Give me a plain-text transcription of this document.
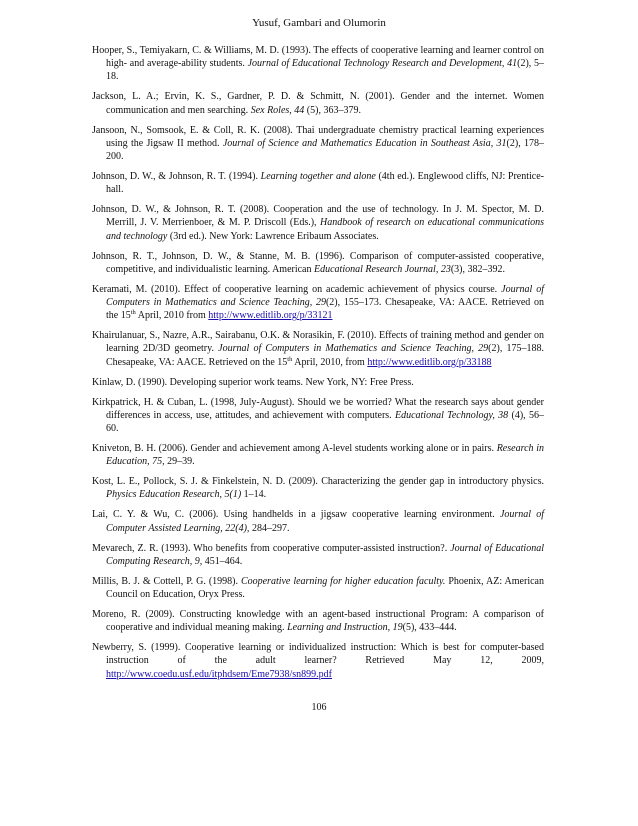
Yusuf, Gambari and Olumorin

Hooper, S., Temiyakarn, C. & Williams, M. D. (1993). The effects of cooperative learning and learner control on high- and average-ability students. Journal of Educational Technology Research and Development, 41(2), 5–18.

Jackson, L. A.; Ervin, K. S., Gardner, P. D. & Schmitt, N. (2001). Gender and the internet. Women communication and men searching. Sex Roles, 44 (5), 363–379.

Jansoon, N., Somsook, E. & Coll, R. K. (2008). Thai undergraduate chemistry practical learning experiences using the Jigsaw II method. Journal of Science and Mathematics Education in Southeast Asia, 31(2), 178–200.

Johnson, D. W., & Johnson, R. T. (1994). Learning together and alone (4th ed.). Englewood cliffs, NJ: Prentice-hall.

Johnson, D. W., & Johnson, R. T. (2008). Cooperation and the use of technology. In J. M. Spector, M. D. Merrill, J. V. Merrienboer, & M. P. Driscoll (Eds.), Handbook of research on educational communications and technology (3rd ed.). New York: Lawrence Eribaum Associates.

Johnson, R. T., Johnson, D. W., & Stanne, M. B. (1996). Comparison of computer-assisted cooperative, competitive, and individualistic learning. American Educational Research Journal, 23(3), 382–392.

Keramati, M. (2010). Effect of cooperative learning on academic achievement of physics course. Journal of Computers in Mathematics and Science Teaching, 29(2), 155–173. Chesapeake, VA: AACE. Retrieved on the 15th April, 2010 from http://www.editlib.org/p/33121

Khairulanuar, S., Nazre, A.R., Sairabanu, O.K. & Norasikin, F. (2010). Effects of training method and gender on learning 2D/3D geometry. Journal of Computers in Mathematics and Science Teaching, 29(2), 175–188. Chesapeake, VA: AACE. Retrieved on the 15th April, 2010, from http://www.editlib.org/p/33188

Kinlaw, D. (1990). Developing superior work teams. New York, NY: Free Press.

Kirkpatrick, H. & Cuban, L. (1998, July-August). Should we be worried? What the research says about gender differences in access, use, attitudes, and achievement with computers. Educational Technology, 38 (4), 56–60.

Kniveton, B. H. (2006). Gender and achievement among A-level students working alone or in pairs. Research in Education, 75, 29–39.

Kost, L. E., Pollock, S. J. & Finkelstein, N. D. (2009). Characterizing the gender gap in introductory physics. Physics Education Research, 5(1) 1–14.

Lai, C. Y. & Wu, C. (2006). Using handhelds in a jigsaw cooperative learning environment. Journal of Computer Assisted Learning, 22(4), 284–297.

Mevarech, Z. R. (1993). Who benefits from cooperative computer-assisted instruction?. Journal of Educational Computing Research, 9, 451–464.

Millis, B. J. & Cottell, P. G. (1998). Cooperative learning for higher education faculty. Phoenix, AZ: American Council on Education, Oryx Press.

Moreno, R. (2009). Constructing knowledge with an agent-based instructional Program: A comparison of cooperative and individual meaning making. Learning and Instruction, 19(5), 433–444.

Newberry, S. (1999). Cooperative learning or individualized instruction: Which is best for computer-based instruction of the adult learner? Retrieved May 12, 2009, http://www.coedu.usf.edu/itphdsem/Eme7938/sn899.pdf

106
